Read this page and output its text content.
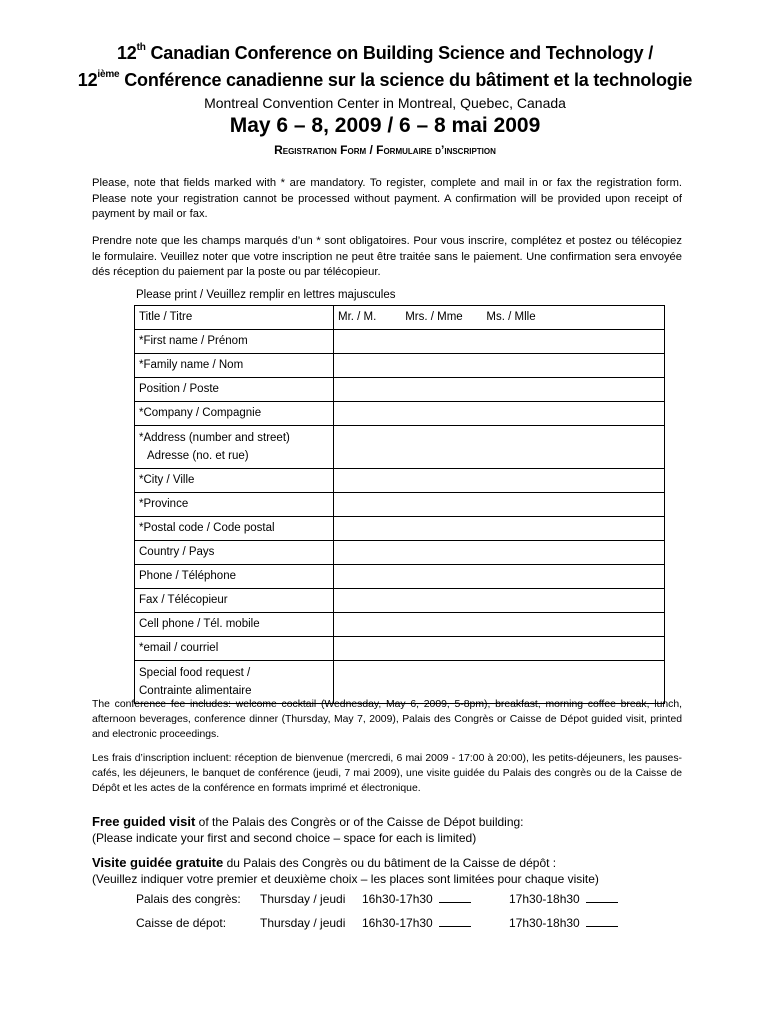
12th Canadian Conference on Building Science and Technology /
12ième Conférence canadienne sur la science du bâtiment et la technologie
Montreal Convention Center in Montreal, Quebec, Canada
May 6 – 8, 2009 / 6 – 8 mai 2009
Registration Form / Formulaire d’inscription
Please, note that fields marked with * are mandatory. To register, complete and mail in or fax the registration form. Please note your registration cannot be processed without payment. A confirmation will be provided upon receipt of payment by mail or fax.
Prendre note que les champs marqués d’un * sont obligatoires. Pour vous inscrire, complétez et postez ou télécopiez le formulaire. Veuillez noter que votre inscription ne peut être traitée sans le paiement. Une confirmation sera envoyée dés réception du paiement par la poste ou par télécopieur.
Please print / Veuillez remplir en lettres majuscules
Title / Titre	Mr. / M. Mrs. / Mme Ms. / Mlle
*First name / Prénom	
*Family name / Nom	
Position / Poste	
*Company / Compagnie	

*Address (number and street)
Adresse (no. et rue)	

*City / Ville	
*Province	
*Postal code / Code postal	
Country / Pays	
Phone / Téléphone	
Fax / Télécopieur	
Cell phone / Tél. mobile	
*email / courriel	

Special food request /
Contrainte alimentaire	

The conference fee includes: welcome cocktail (Wednesday, May 6, 2009, 5-8pm), breakfast, morning coffee break, lunch, afternoon beverages, conference dinner (Thursday, May 7, 2009), Palais des Congrès or Caisse de Dépot guided visit, printed and electronic proceedings.
Les frais d’inscription incluent: réception de bienvenue (mercredi, 6 mai 2009 - 17:00 à 20:00), les petits-déjeuners, les pauses-cafés, les déjeuners, le banquet de conférence (jeudi, 7 mai 2009), une visite guidée du Palais des congrès ou de la Caisse de Dépôt et les actes de la conférence en formats imprimé et électronique.
Free guided visit of the Palais des Congrès or of the Caisse de Dépot building:
(Please indicate your first and second choice – space for each is limited)
Visite guidée gratuite du Palais des Congrès ou du bâtiment de la Caisse de dépôt :
(Veuillez indiquer votre premier et deuxième choix – les places sont limitées pour chaque visite)
Palais des congrès: Thursday / jeudi 16h30-17h30	17h30-18h30
Caisse de dépot:	Thursday / jeudi 16h30-17h30	17h30-18h30
